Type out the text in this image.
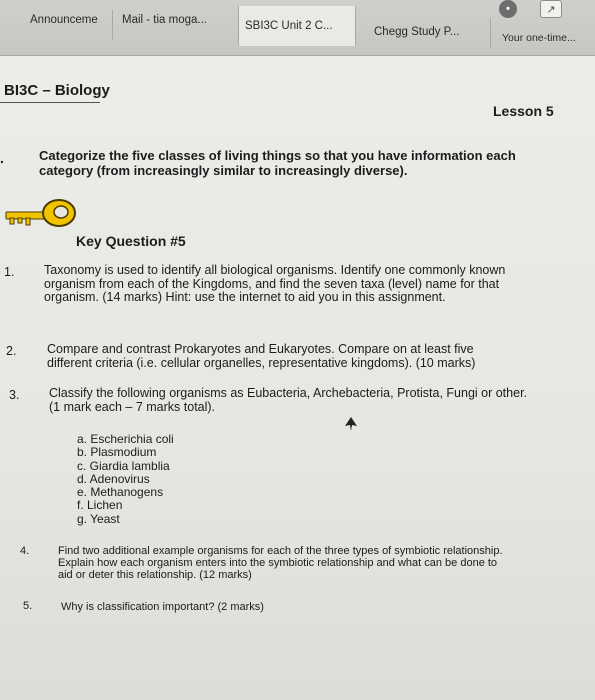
Announceme Mail - tia moga...	SBI3C Unit 2 C...	Chegg Study P...	Your one-time...
•	↗
BI3C – Biology
Lesson 5
.	Categorize the five classes of living things so that you have information each category (from increasingly similar to increasingly diverse).
Key Question #5
1. Taxonomy is used to identify all biological organisms. Identify one commonly known organism from each of the Kingdoms, and find the seven taxa (level) name for that organism. (14 marks) Hint: use the internet to aid you in this assignment.
2. Compare and contrast Prokaryotes and Eukaryotes. Compare on at least five different criteria (i.e. cellular organelles, representative kingdoms). (10 marks)
3. Classify the following organisms as Eubacteria, Archebacteria, Protista, Fungi or other. (1 mark each – 7 marks total).
a. Escherichia coli
b. Plasmodium
c. Giardia lamblia
d. Adenovirus
e. Methanogens
f. Lichen
g. Yeast
4.	Find two additional example organisms for each of the three types of symbiotic relationship. Explain how each organism enters into the symbiotic relationship and what can be done to aid or deter this relationship. (12 marks)
5.	Why is classification important? (2 marks)
